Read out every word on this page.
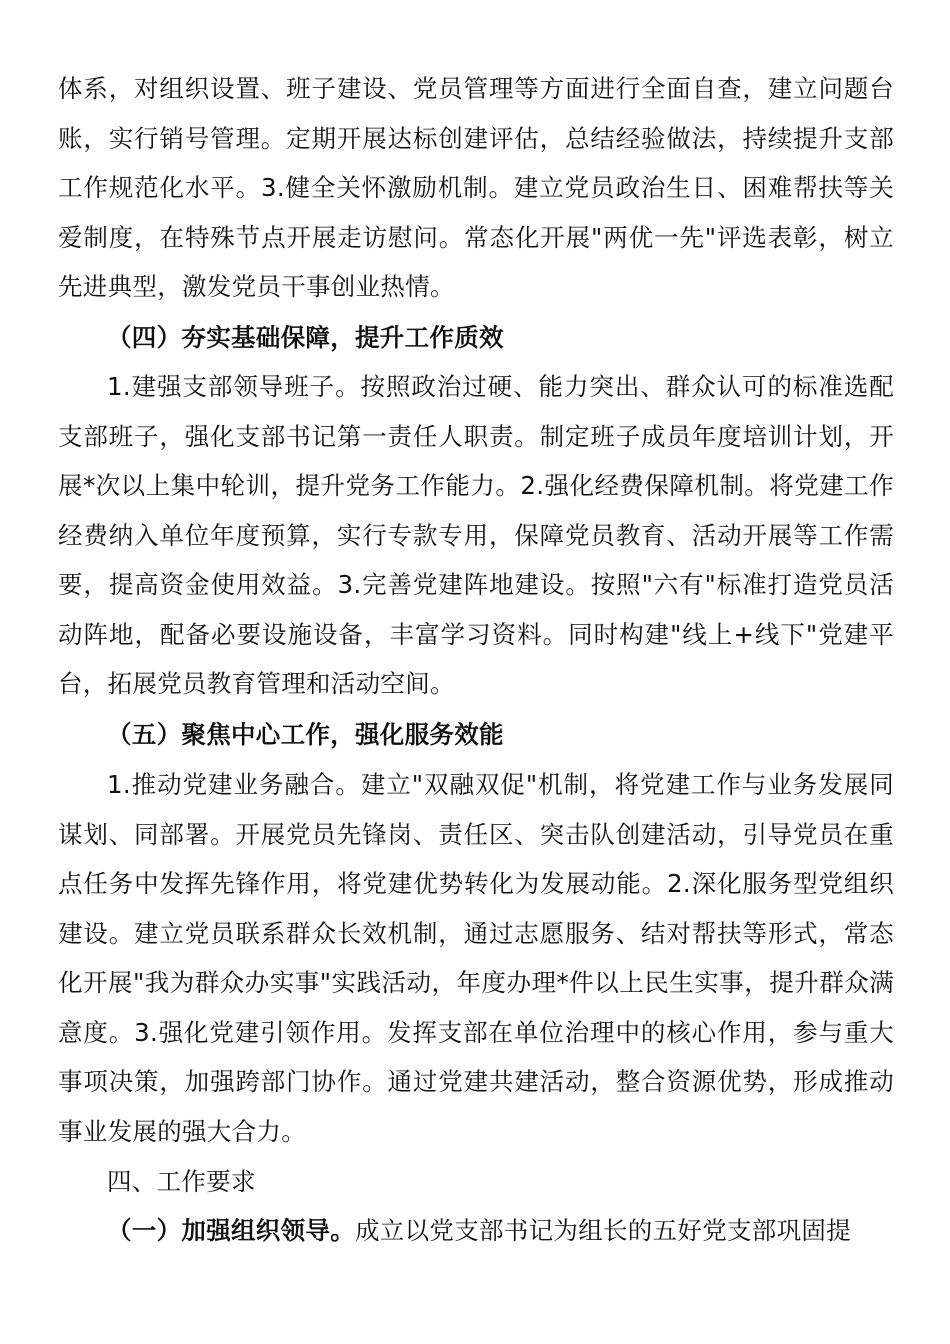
体系，对组织设置、班子建设、党员管理等方面进行全面自查，建立问题台账，实行销号管理。定期开展达标创建评估，总结经验做法，持续提升支部工作规范化水平。3.健全关怀激励机制。建立党员政治生日、困难帮扶等关爱制度，在特殊节点开展走访慰问。常态化开展"两优一先"评选表彰，树立先进典型，激发党员干事创业热情。

（四）夯实基础保障，提升工作质效

1.建强支部领导班子。按照政治过硬、能力突出、群众认可的标准选配支部班子，强化支部书记第一责任人职责。制定班子成员年度培训计划，开展*次以上集中轮训，提升党务工作能力。2.强化经费保障机制。将党建工作经费纳入单位年度预算，实行专款专用，保障党员教育、活动开展等工作需要，提高资金使用效益。3.完善党建阵地建设。按照"六有"标准打造党员活动阵地，配备必要设施设备，丰富学习资料。同时构建"线上+线下"党建平台，拓展党员教育管理和活动空间。

（五）聚焦中心工作，强化服务效能

1.推动党建业务融合。建立"双融双促"机制，将党建工作与业务发展同谋划、同部署。开展党员先锋岗、责任区、突击队创建活动，引导党员在重点任务中发挥先锋作用，将党建优势转化为发展动能。2.深化服务型党组织建设。建立党员联系群众长效机制，通过志愿服务、结对帮扶等形式，常态化开展"我为群众办实事"实践活动，年度办理*件以上民生实事，提升群众满意度。3.强化党建引领作用。发挥支部在单位治理中的核心作用，参与重大事项决策，加强跨部门协作。通过党建共建活动，整合资源优势，形成推动事业发展的强大合力。

四、工作要求

（一）加强组织领导。成立以党支部书记为组长的五好党支部巩固提
